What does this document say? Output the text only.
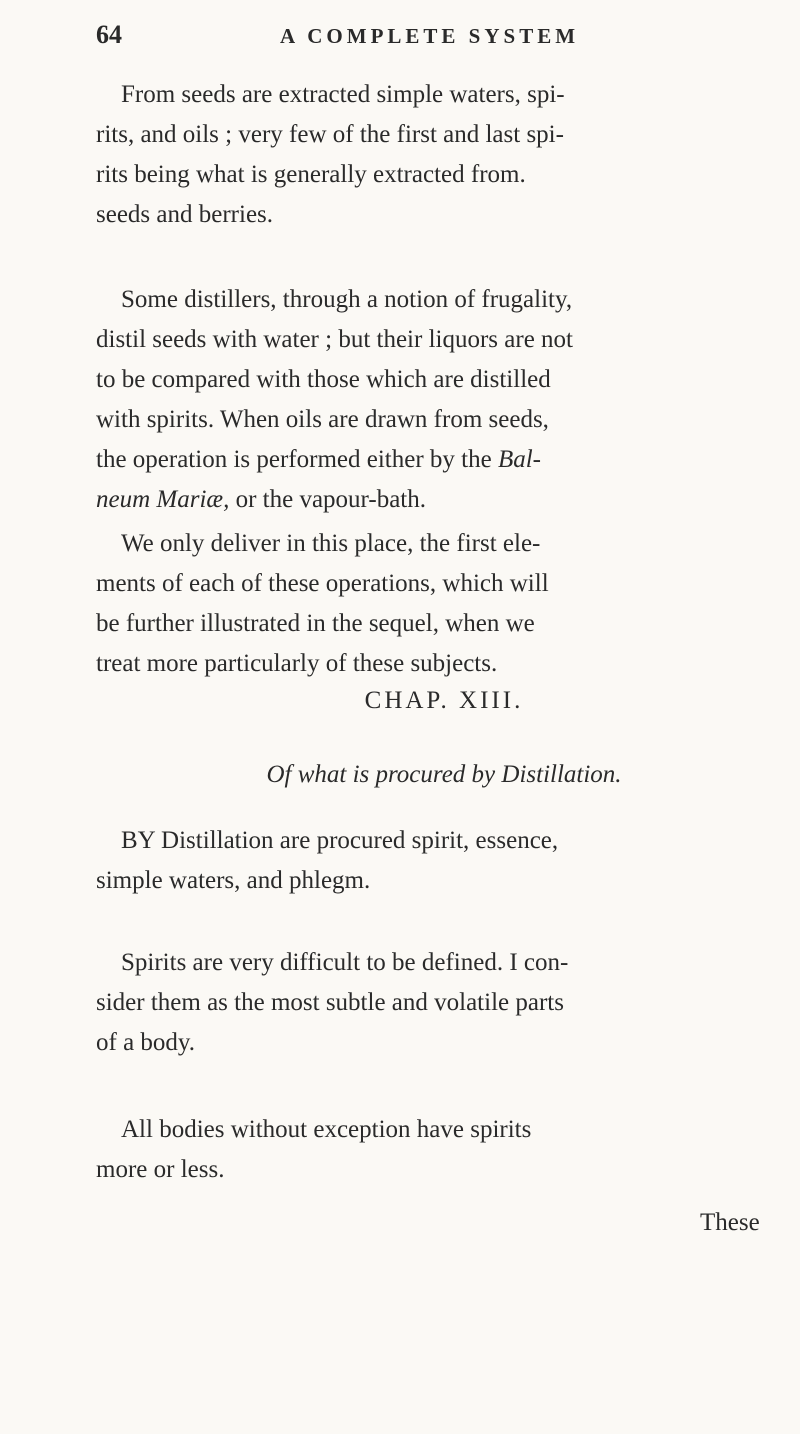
64	A COMPLETE SYSTEM
From seeds are extracted simple waters, spi-
rits, and oils ; very few of the first and last spi-
rits being what is generally extracted from.
seeds and berries.
Some distillers, through a notion of frugality,
distil seeds with water ; but their liquors are not
to be compared with those which are distilled
with spirits. When oils are drawn from seeds,
the operation is performed either by the Bal-
neum Mariæ, or the vapour-bath.
We only deliver in this place, the first ele-
ments of each of these operations, which will
be further illustrated in the sequel, when we
treat more particularly of these subjects.
CHAP. XIII.
Of what is procured by Distillation.
BY Distillation are procured spirit, essence,
simple waters, and phlegm.
Spirits are very difficult to be defined. I con-
sider them as the most subtle and volatile parts
of a body.
All bodies without exception have spirits
more or less.
These
